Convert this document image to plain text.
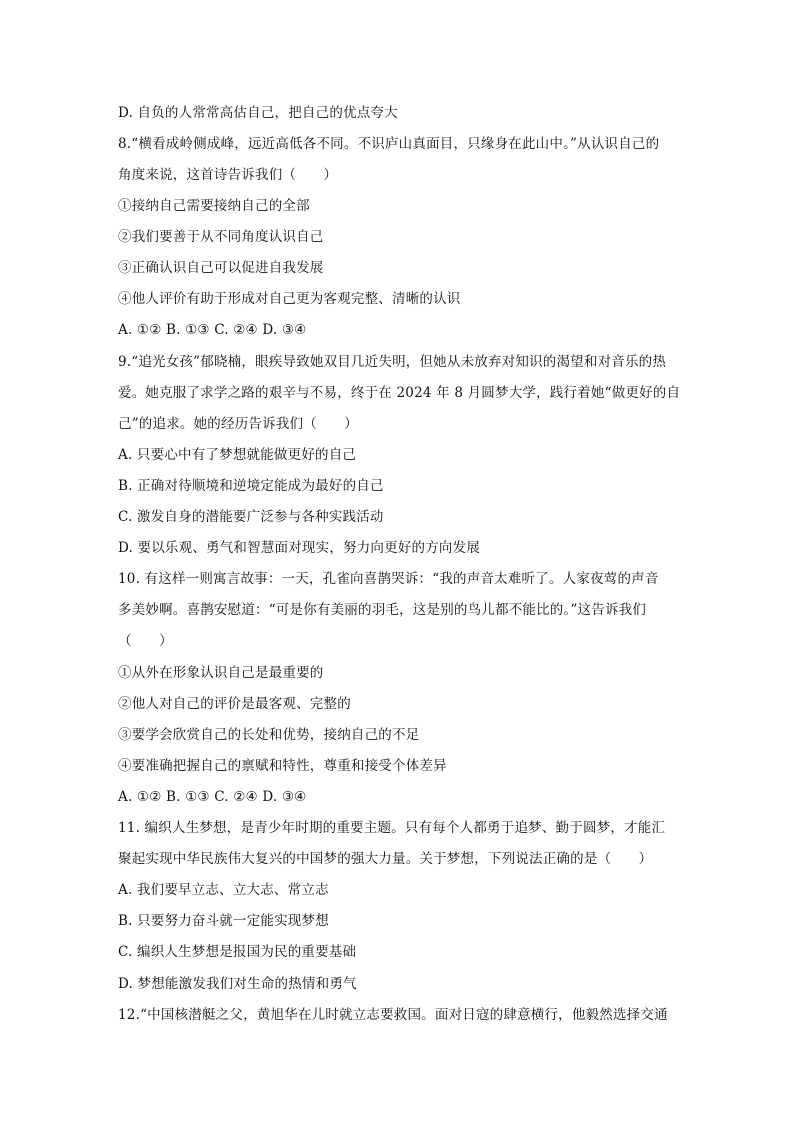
D. 自负的人常常高估自己，把自己的优点夸大
8.“横看成岭侧成峰，远近高低各不同。不识庐山真面目，只缘身在此山中。”从认识自己的
角度来说，这首诗告诉我们（　　）
①接纳自己需要接纳自己的全部
②我们要善于从不同角度认识自己
③正确认识自己可以促进自我发展
④他人评价有助于形成对自己更为客观完整、清晰的认识
A. ①② B. ①③ C. ②④ D. ③④
9.“追光女孩”郁晓楠，眼疾导致她双目几近失明，但她从未放弃对知识的渴望和对音乐的热
爱。她克服了求学之路的艰辛与不易，终于在 2024 年 8 月圆梦大学，践行着她“做更好的自
己”的追求。她的经历告诉我们（　　）
A. 只要心中有了梦想就能做更好的自己
B. 正确对待顺境和逆境定能成为最好的自己
C. 激发自身的潜能要广泛参与各种实践活动
D. 要以乐观、勇气和智慧面对现实，努力向更好的方向发展
10. 有这样一则寓言故事：一天，孔雀向喜鹊哭诉：“我的声音太难听了。人家夜莺的声音
多美妙啊。喜鹊安慰道：“可是你有美丽的羽毛，这是别的鸟儿都不能比的。”这告诉我们
（　　）
①从外在形象认识自己是最重要的
②他人对自己的评价是最客观、完整的
③要学会欣赏自己的长处和优势，接纳自己的不足
④要准确把握自己的禀赋和特性，尊重和接受个体差异
A. ①② B. ①③ C. ②④ D. ③④
11. 编织人生梦想，是青少年时期的重要主题。只有每个人都勇于追梦、勤于圆梦，才能汇
聚起实现中华民族伟大复兴的中国梦的强大力量。关于梦想，下列说法正确的是（　　）
A. 我们要早立志、立大志、常立志
B. 只要努力奋斗就一定能实现梦想
C. 编织人生梦想是报国为民的重要基础
D. 梦想能激发我们对生命的热情和勇气
12.“中国核潜艇之父，黄旭华在儿时就立志要救国。面对日寇的肆意横行，他毅然选择交通
